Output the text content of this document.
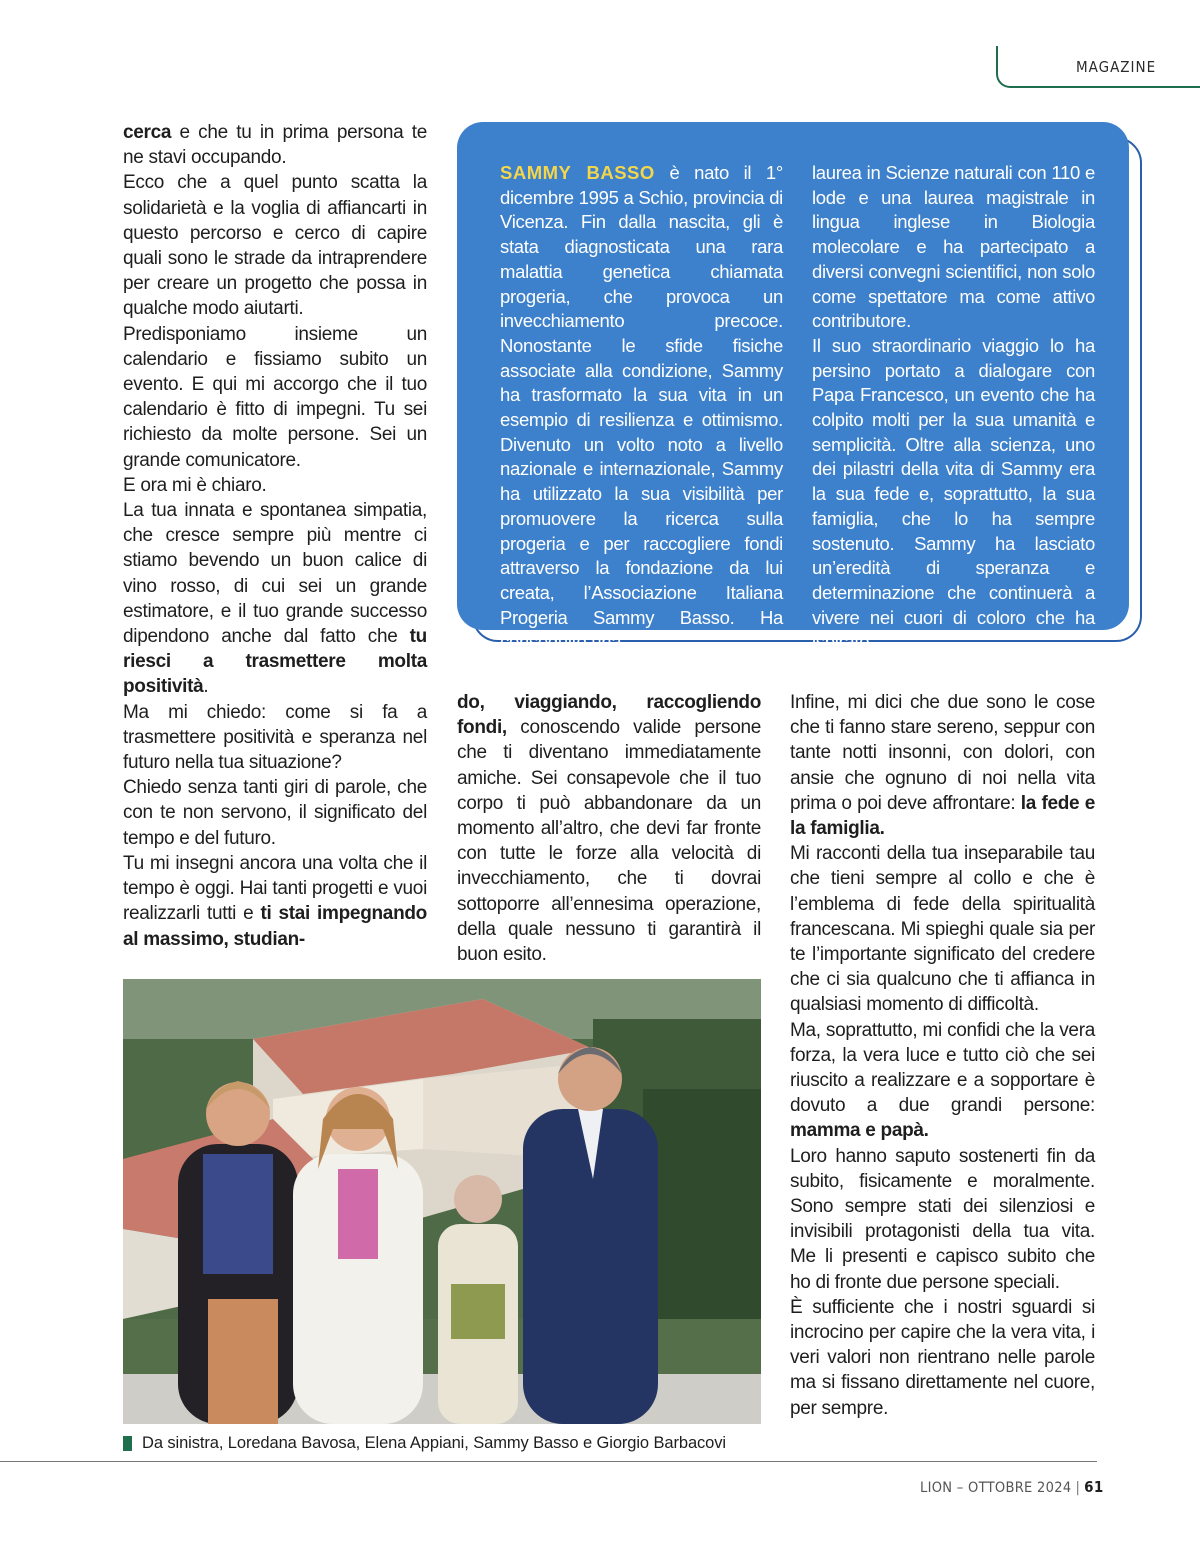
MAGAZINE

cerca e che tu in prima persona te ne stavi occupando.

Ecco che a quel punto scatta la solidarietà e la voglia di affiancarti in questo percorso e cerco di capire quali sono le strade da intraprendere per creare un progetto che possa in qualche modo aiutarti.

Predisponiamo insieme un calendario e fissiamo subito un evento. E qui mi accorgo che il tuo calendario è fitto di impegni. Tu sei richiesto da molte persone. Sei un grande comunicatore.

E ora mi è chiaro.

La tua innata e spontanea simpatia, che cresce sempre più mentre ci stiamo bevendo un buon calice di vino rosso, di cui sei un grande estimatore, e il tuo grande successo dipendono anche dal fatto che tu riesci a trasmettere molta positività.

Ma mi chiedo: come si fa a trasmettere positività e speranza nel futuro nella tua situazione?

Chiedo senza tanti giri di parole, che con te non servono, il significato del tempo e del futuro.

Tu mi insegni ancora una volta che il tempo è oggi. Hai tanti progetti e vuoi realizzarli tutti e ti stai impegnando al massimo, studian-

SAMMY BASSO è nato il 1° dicembre 1995 a Schio, provincia di Vicenza. Fin dalla nascita, gli è stata diagnosticata una rara malattia genetica chiamata progeria, che provoca un invecchiamento precoce. Nonostante le sfide fisiche associate alla condizione, Sammy ha trasformato la sua vita in un esempio di resilienza e ottimismo. Divenuto un volto noto a livello nazionale e internazionale, Sammy ha utilizzato la sua visibilità per promuovere la ricerca sulla progeria e per raccogliere fondi attraverso la fondazione da lui creata, l’Associazione Italiana Progeria Sammy Basso. Ha conseguito una

laurea in Scienze naturali con 110 e lode e una laurea magistrale in lingua inglese in Biologia molecolare e ha partecipato a diversi convegni scientifici, non solo come spettatore ma come attivo contributore.

Il suo straordinario viaggio lo ha persino portato a dialogare con Papa Francesco, un evento che ha colpito molti per la sua umanità e semplicità. Oltre alla scienza, uno dei pilastri della vita di Sammy era la sua fede e, soprattutto, la sua famiglia, che lo ha sempre sostenuto. Sammy ha lasciato un’eredità di speranza e determinazione che continuerà a vivere nei cuori di coloro che ha ispirato.

do, viaggiando, raccogliendo fondi, conoscendo valide persone che ti diventano immediatamente amiche. Sei consapevole che il tuo corpo ti può abbandonare da un momento all’altro, che devi far fronte con tutte le forze alla velocità di invecchiamento, che ti dovrai sottoporre all’ennesima operazione, della quale nessuno ti garantirà il buon esito.

Infine, mi dici che due sono le cose che ti fanno stare sereno, seppur con tante notti insonni, con dolori, con ansie che ognuno di noi nella vita prima o poi deve affrontare: la fede e la famiglia.

Mi racconti della tua inseparabile tau che tieni sempre al collo e che è l’emblema di fede della spiritualità francescana. Mi spieghi quale sia per te l’importante significato del credere che ci sia qualcuno che ti affianca in qualsiasi momento di difficoltà.

Ma, soprattutto, mi confidi che la vera forza, la vera luce e tutto ciò che sei riuscito a realizzare e a sopportare è dovuto a due grandi persone: mamma e papà.

Loro hanno saputo sostenerti fin da subito, fisicamente e moralmente. Sono sempre stati dei silenziosi e invisibili protagonisti della tua vita. Me li presenti e capisco subito che ho di fronte due persone speciali.

È sufficiente che i nostri sguardi si incrocino per capire che la vera vita, i veri valori non rientrano nelle parole ma si fissano direttamente nel cuore, per sempre.

Da sinistra, Loredana Bavosa, Elena Appiani, Sammy Basso e Giorgio Barbacovi
LION – OTTOBRE 2024 | 61
